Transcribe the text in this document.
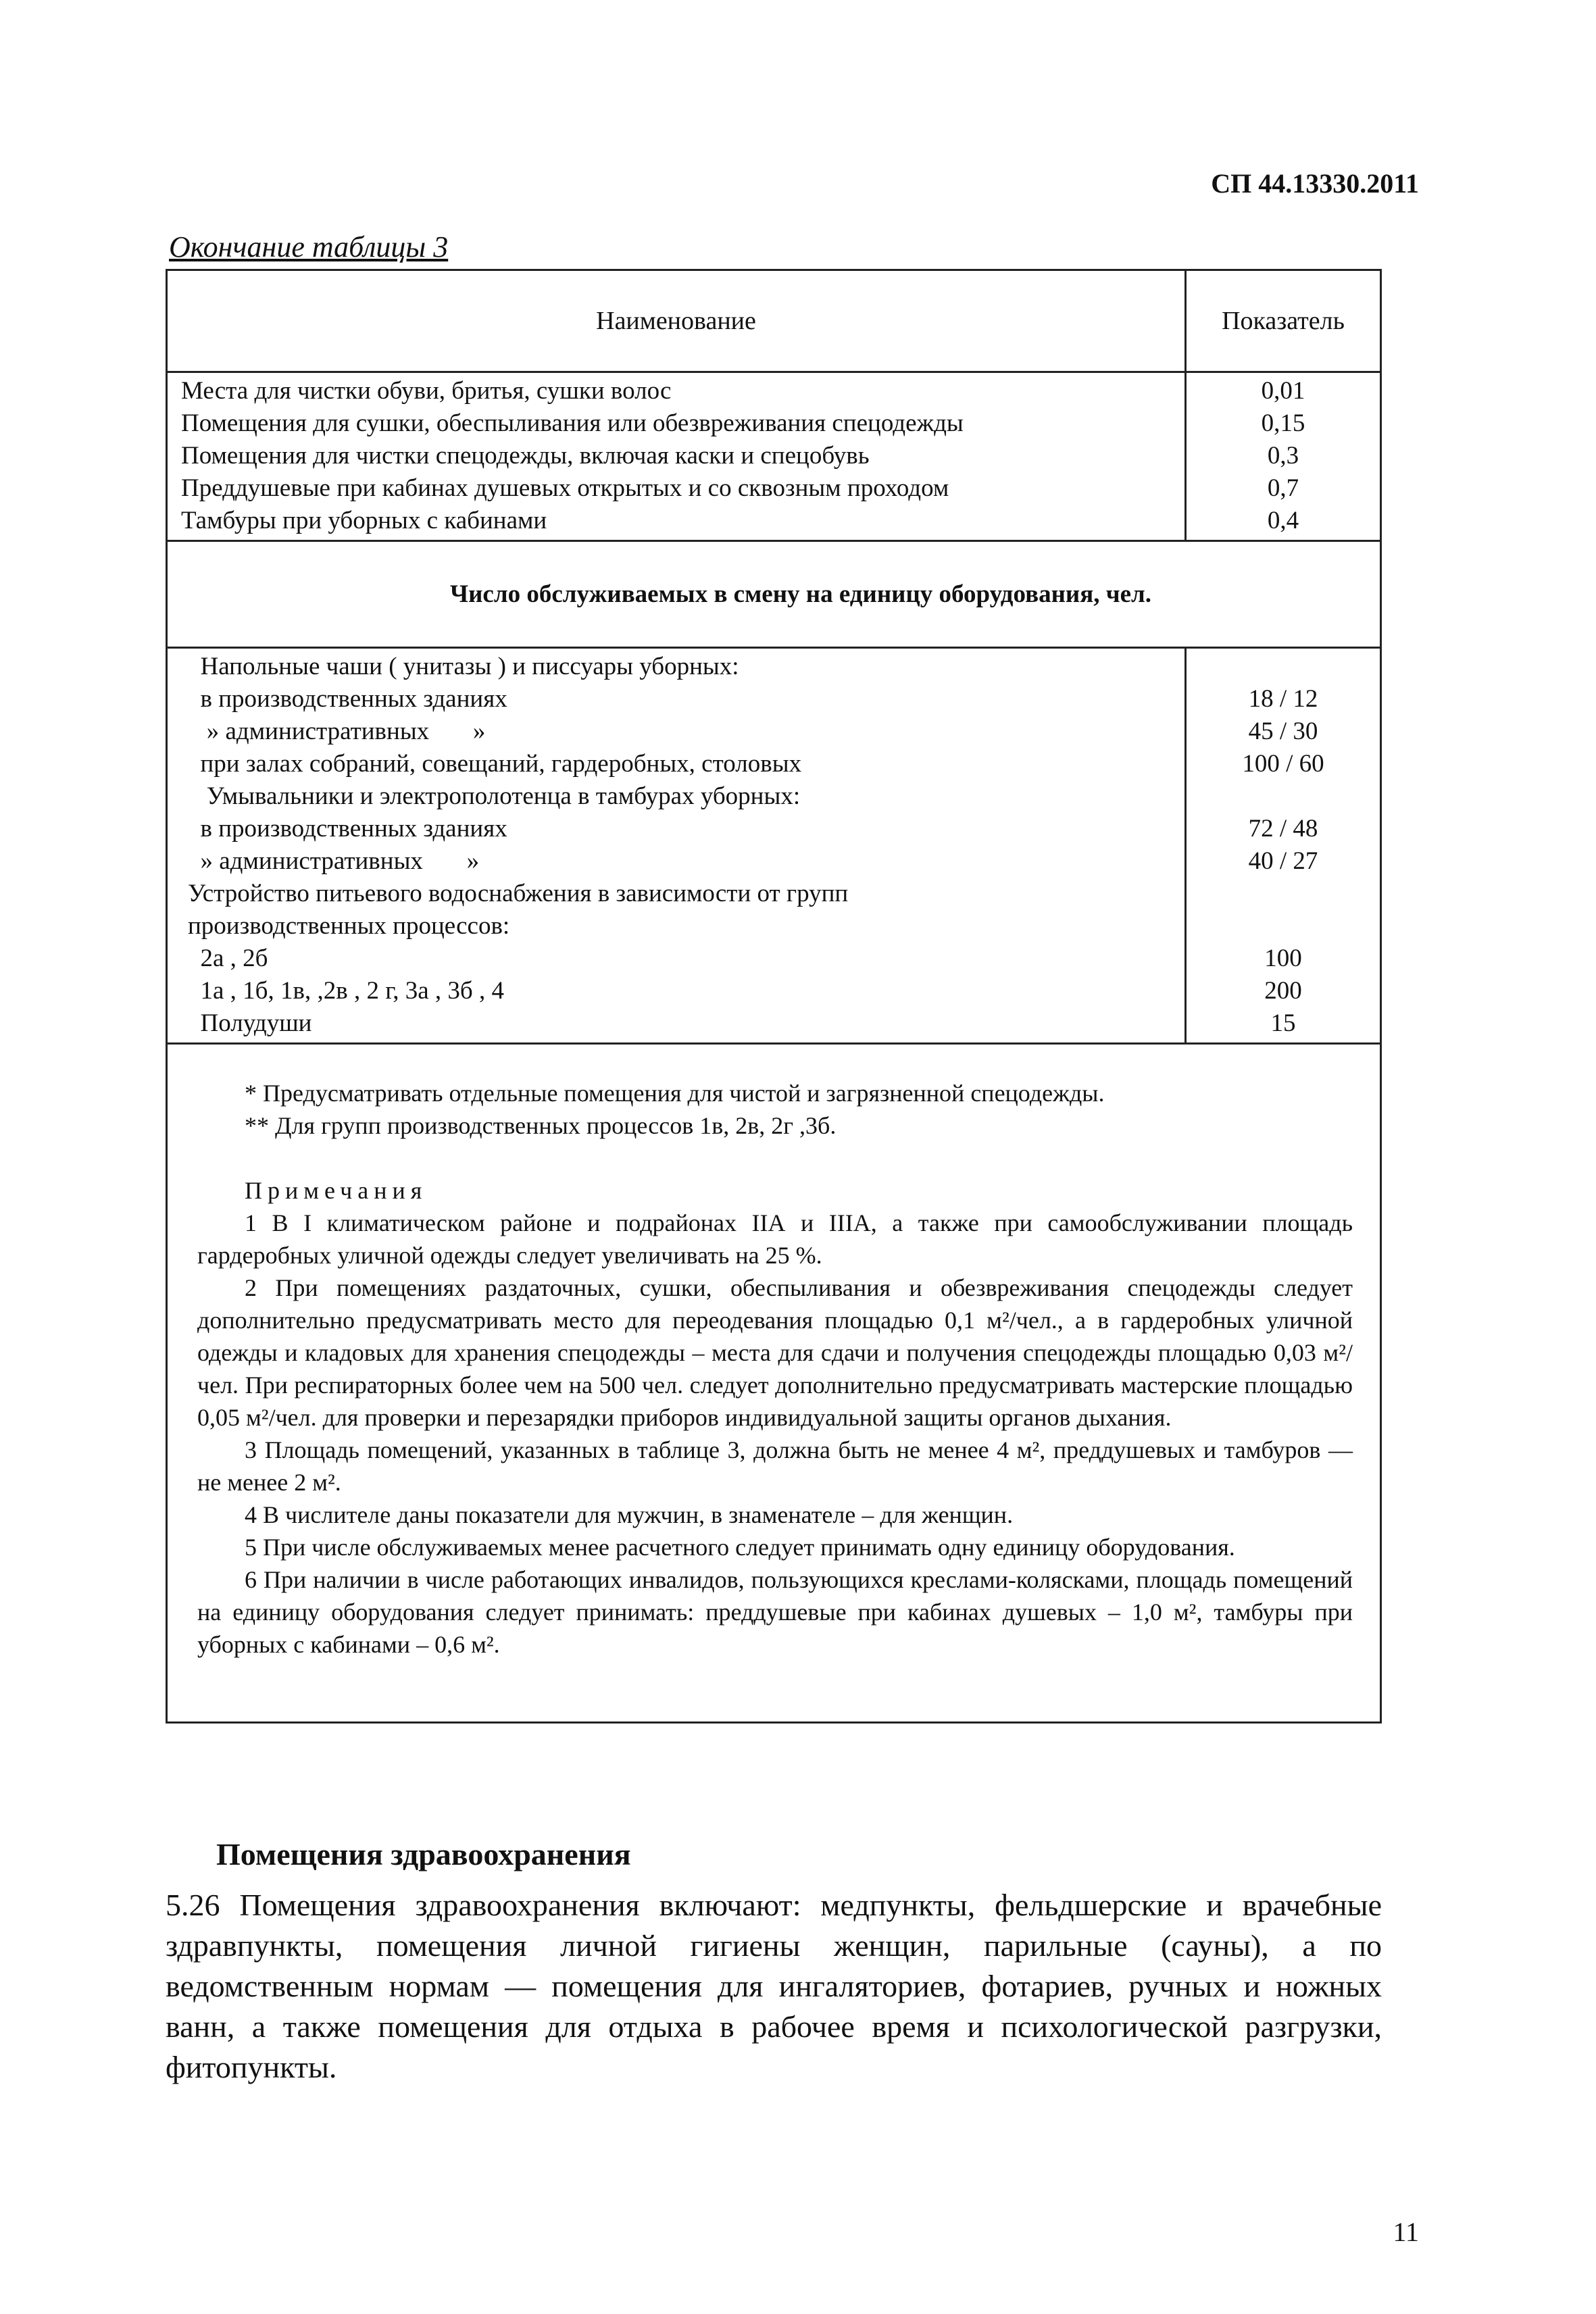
СП 44.13330.2011
Окончание таблицы 3
Наименование	Показатель
Места для чистки обуви, бритья, сушки волос
Помещения для сушки, обеспыливания или обезвреживания спецодежды
Помещения для чистки спецодежды, включая каски и спецобувь
Преддушевые при кабинах душевых открытых и со сквозным проходом
Тамбуры при уборных с кабинами
0,01
0,15
0,3
0,7
0,4
Число обслуживаемых в смену на единицу оборудования, чел.
Напольные чаши ( унитазы ) и писсуары уборных:
в производственных зданиях
» административных       »
при залах собраний, совещаний, гардеробных, столовых
Умывальники и электрополотенца в тамбурах уборных:
в производственных зданиях
» административных       »
Устройство питьевого водоснабжения в зависимости от групп
производственных процессов:
2а , 2б
1а , 1б, 1в, ,2в , 2 г, 3а , 3б , 4
Полудуши
18 / 12
45 / 30
100 / 60
72 / 48
40 / 27
100
200
15

* Предусматривать отдельные помещения для чистой и загрязненной спецодежды.

** Для групп производственных процессов 1в, 2в, 2г ,3б.

Примечания

1 В I климатическом районе и подрайонах IIА и IIIА, а также при самообслуживании площадь гардеробных уличной одежды следует увеличивать на 25 %.

2 При помещениях раздаточных, сушки, обеспыливания и обезвреживания спецодежды следует дополнительно предусматривать место для переодевания площадью 0,1 м²/чел., а в гардеробных уличной одежды и кладовых для хранения спецодежды – места для сдачи и получения спецодежды площадью 0,03 м²/чел. При респираторных более чем на 500 чел. следует дополнительно предусматривать мастерские площадью 0,05 м²/чел. для проверки и перезарядки приборов индивидуальной защиты органов дыхания.

3 Площадь помещений, указанных в таблице 3, должна быть не менее 4 м², преддушевых и тамбуров — не менее 2 м².

4 В числителе даны показатели для мужчин, в знаменателе – для женщин.

5 При числе обслуживаемых менее расчетного следует принимать одну единицу оборудования.

6 При наличии в числе работающих инвалидов, пользующихся креслами-колясками, площадь помещений на единицу оборудования следует принимать: преддушевые при кабинах душевых – 1,0 м², тамбуры при уборных с кабинами – 0,6 м².

Помещения здравоохранения
5.26 Помещения здравоохранения включают: медпункты, фельдшерские и врачебные здравпункты, помещения личной гигиены женщин, парильные (сауны), а по ведомственным нормам — помещения для ингаляториев, фотариев, ручных и ножных ванн, а также помещения для отдыха в рабочее время и психологической разгрузки, фитопункты.
11
